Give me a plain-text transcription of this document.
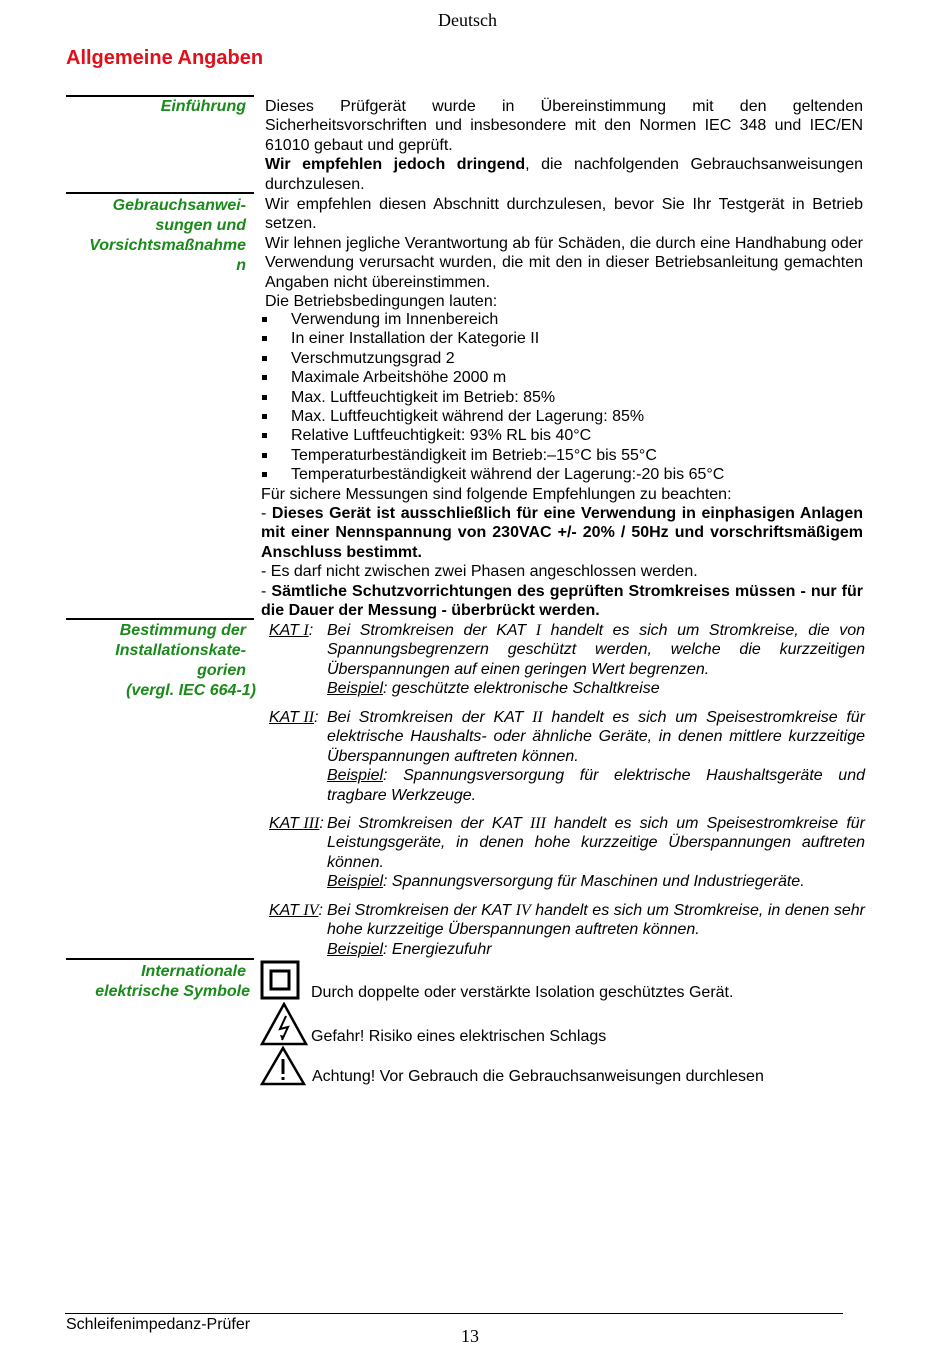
Deutsch
Allgemeine Angaben
Einführung Dieses Prüfgerät wurde in Übereinstimmung mit den geltenden Sicherheitsvorschriften und insbesondere mit den Normen IEC 348 und IEC/EN 61010 gebaut und geprüft.

Wir empfehlen jedoch dringend, die nachfolgenden Gebrauchsanweisungen durchzulesen.

Gebrauchsanwei-
sungen und
Vorsichtsmaßnahme
n

Wir empfehlen diesen Abschnitt durchzulesen, bevor Sie Ihr Testgerät in Betrieb setzen.

Wir lehnen jegliche Verantwortung ab für Schäden, die durch eine Handhabung oder Verwendung verursacht wurden, die mit den in dieser Betriebsanleitung gemachten Angaben nicht übereinstimmen.

Die Betriebsbedingungen lauten:

Verwendung im Innenbereich
In einer Installation der Kategorie II
Verschmutzungsgrad 2
Maximale Arbeitshöhe 2000 m
Max. Luftfeuchtigkeit im Betrieb: 85%
Max. Luftfeuchtigkeit während der Lagerung: 85%
Relative Luftfeuchtigkeit: 93% RL bis 40°C
Temperaturbeständigkeit im Betrieb:–15°C bis 55°C
Temperaturbeständigkeit während der Lagerung:-20 bis 65°C

Für sichere Messungen sind folgende Empfehlungen zu beachten:

- Dieses Gerät ist ausschließlich für eine Verwendung in einphasigen Anlagen mit einer Nennspannung von 230VAC +/- 20% / 50Hz und vorschriftsmäßigem Anschluss bestimmt.

- Es darf nicht zwischen zwei Phasen angeschlossen werden.

- Sämtliche Schutzvorrichtungen des geprüften Stromkreises müssen - nur für die Dauer der Messung - überbrückt werden.

Bestimmung der
Installationskate-
gorien
(vergl. IEC 664-1)
KAT I: Bei Stromkreisen der KAT I handelt es sich um Stromkreise, die von Spannungsbegrenzern geschützt werden, welche die kurzzeitigen Überspannungen auf einen geringen Wert begrenzen.

Beispiel: geschützte elektronische Schaltkreise

KAT II: Bei Stromkreisen der KAT II handelt es sich um Speisestromkreise für elektrische Haushalts- oder ähnliche Geräte, in denen mittlere kurzzeitige Überspannungen auftreten können.

Beispiel: Spannungsversorgung für elektrische Haushaltsgeräte und tragbare Werkzeuge.

KAT III: Bei Stromkreisen der KAT III handelt es sich um Speisestromkreise für Leistungsgeräte, in denen hohe kurzzeitige Überspannungen auftreten können.

Beispiel: Spannungsversorgung für Maschinen und Industriegeräte.

KAT IV: Bei Stromkreisen der KAT IV handelt es sich um Stromkreise, in denen sehr hohe kurzzeitige Überspannungen auftreten können.

Beispiel: Energiezufuhr

Internationale
elektrische Symbole	Durch doppelte oder verstärkte Isolation geschütztes Gerät.
Gefahr! Risiko eines elektrischen Schlags
Achtung! Vor Gebrauch die Gebrauchsanweisungen durchlesen
Schleifenimpedanz-Prüfer
13
